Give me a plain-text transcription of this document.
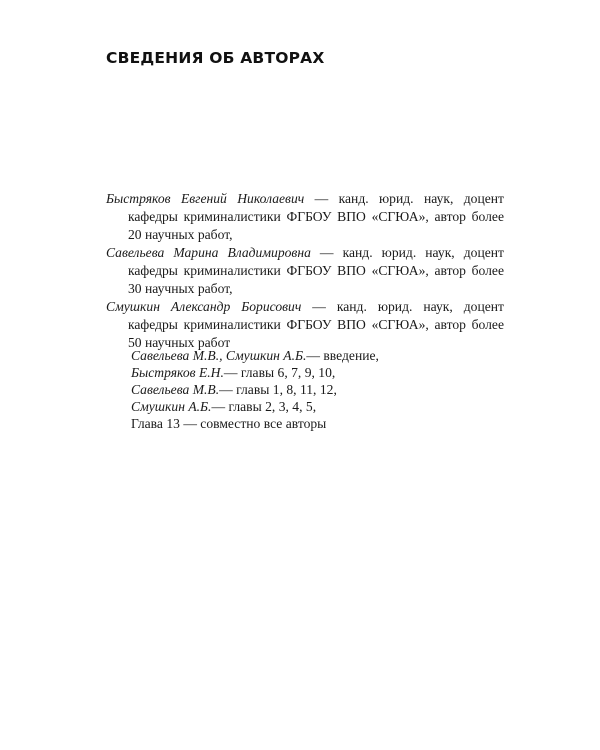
СВЕДЕНИЯ ОБ АВТОРАХ
Быстряков Евгений Николаевич — канд. юрид. наук, доцент кафедры криминалистики ФГБОУ ВПО «СГЮА», автор более 20 научных работ,
Савельева Марина Владимировна — канд. юрид. наук, доцент кафедры криминалистики ФГБОУ ВПО «СГЮА», автор более 30 научных работ,
Смушкин Александр Борисович — канд. юрид. наук, доцент кафедры криминалистики ФГБОУ ВПО «СГЮА», автор более 50 научных работ
Савельева М.В., Смушкин А.Б.— введение,
Быстряков Е.Н.— главы 6, 7, 9, 10,
Савельева М.В.— главы 1, 8, 11, 12,
Смушкин А.Б.— главы 2, 3, 4, 5,
Глава 13 — совместно все авторы
